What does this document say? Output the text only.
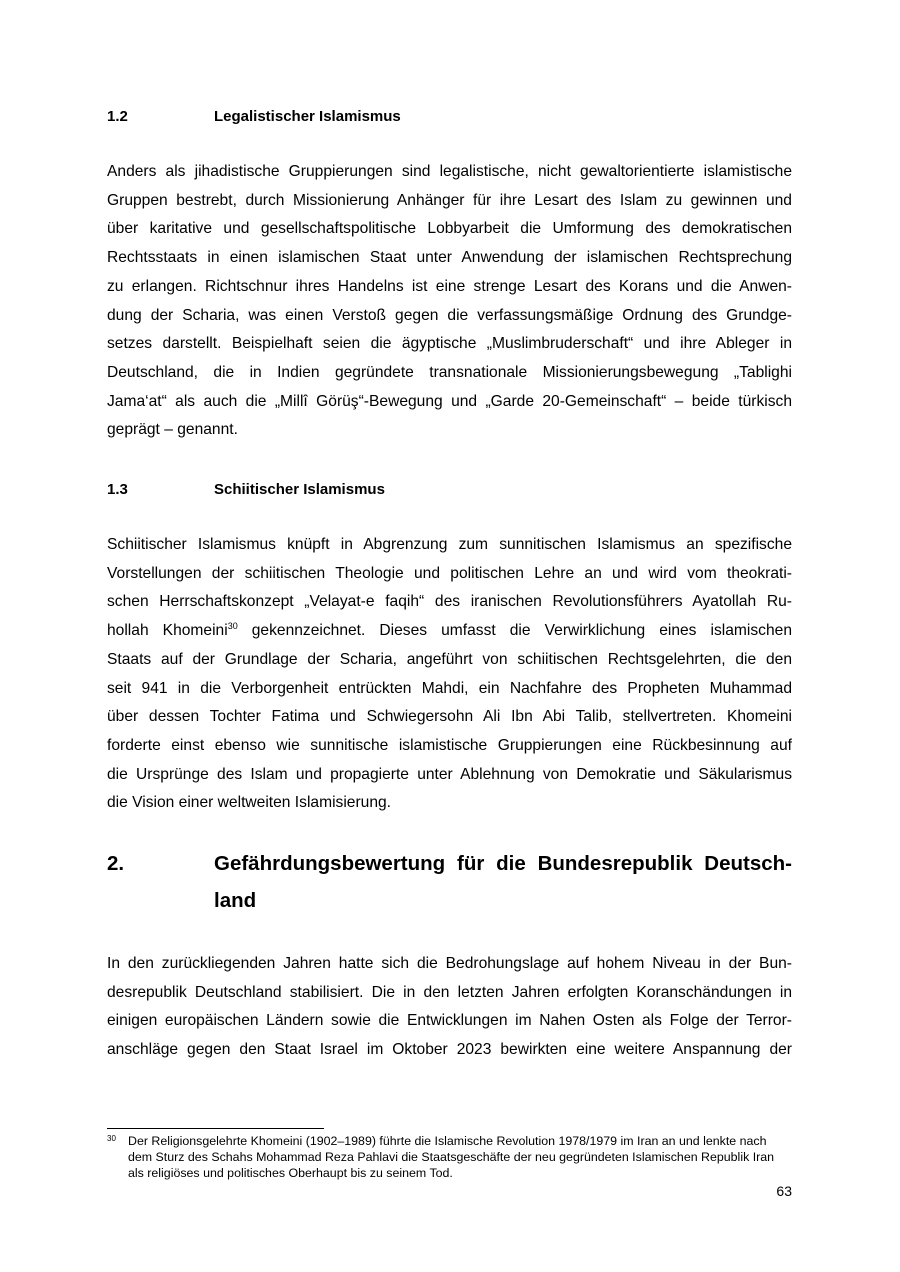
1.2	Legalistischer Islamismus
Anders als jihadistische Gruppierungen sind legalistische, nicht gewaltorientierte islamistische
Gruppen bestrebt, durch Missionierung Anhänger für ihre Lesart des Islam zu gewinnen und
über karitative und gesellschaftspolitische Lobbyarbeit die Umformung des demokratischen
Rechtsstaats in einen islamischen Staat unter Anwendung der islamischen Rechtsprechung
zu erlangen. Richtschnur ihres Handelns ist eine strenge Lesart des Korans und die Anwen-
dung der Scharia, was einen Verstoß gegen die verfassungsmäßige Ordnung des Grundge-
setzes darstellt. Beispielhaft seien die ägyptische „Muslimbruderschaft“ und ihre Ableger in
Deutschland, die in Indien gegründete transnationale Missionierungsbewegung „Tablighi
Jama‘at“ als auch die „Millî Görüş“-Bewegung und „Garde 20-Gemeinschaft“ – beide türkisch
geprägt – genannt.
1.3	Schiitischer Islamismus
Schiitischer Islamismus knüpft in Abgrenzung zum sunnitischen Islamismus an spezifische
Vorstellungen der schiitischen Theologie und politischen Lehre an und wird vom theokrati-
schen Herrschaftskonzept „Velayat-e faqih“ des iranischen Revolutionsführers Ayatollah Ru-
hollah Khomeini$^{30}$ gekennzeichnet. Dieses umfasst die Verwirklichung eines islamischen
Staats auf der Grundlage der Scharia, angeführt von schiitischen Rechtsgelehrten, die den
seit 941 in die Verborgenheit entrückten Mahdi, ein Nachfahre des Propheten Muhammad
über dessen Tochter Fatima und Schwiegersohn Ali Ibn Abi Talib, stellvertreten. Khomeini
forderte einst ebenso wie sunnitische islamistische Gruppierungen eine Rückbesinnung auf
die Ursprünge des Islam und propagierte unter Ablehnung von Demokratie und Säkularismus
die Vision einer weltweiten Islamisierung.
2.	Gefährdungsbewertung für die Bundesrepublik Deutsch-
land
In den zurückliegenden Jahren hatte sich die Bedrohungslage auf hohem Niveau in der Bun-
desrepublik Deutschland stabilisiert. Die in den letzten Jahren erfolgten Koranschändungen in
einigen europäischen Ländern sowie die Entwicklungen im Nahen Osten als Folge der Terror-
anschläge gegen den Staat Israel im Oktober 2023 bewirkten eine weitere Anspannung der
30 Der Religionsgelehrte Khomeini (1902–1989) führte die Islamische Revolution 1978/1979 im Iran an und lenkte nach dem Sturz des Schahs Mohammad Reza Pahlavi die Staatsgeschäfte der neu gegründeten Islamischen Republik Iran als religiöses und politisches Oberhaupt bis zu seinem Tod.
63
